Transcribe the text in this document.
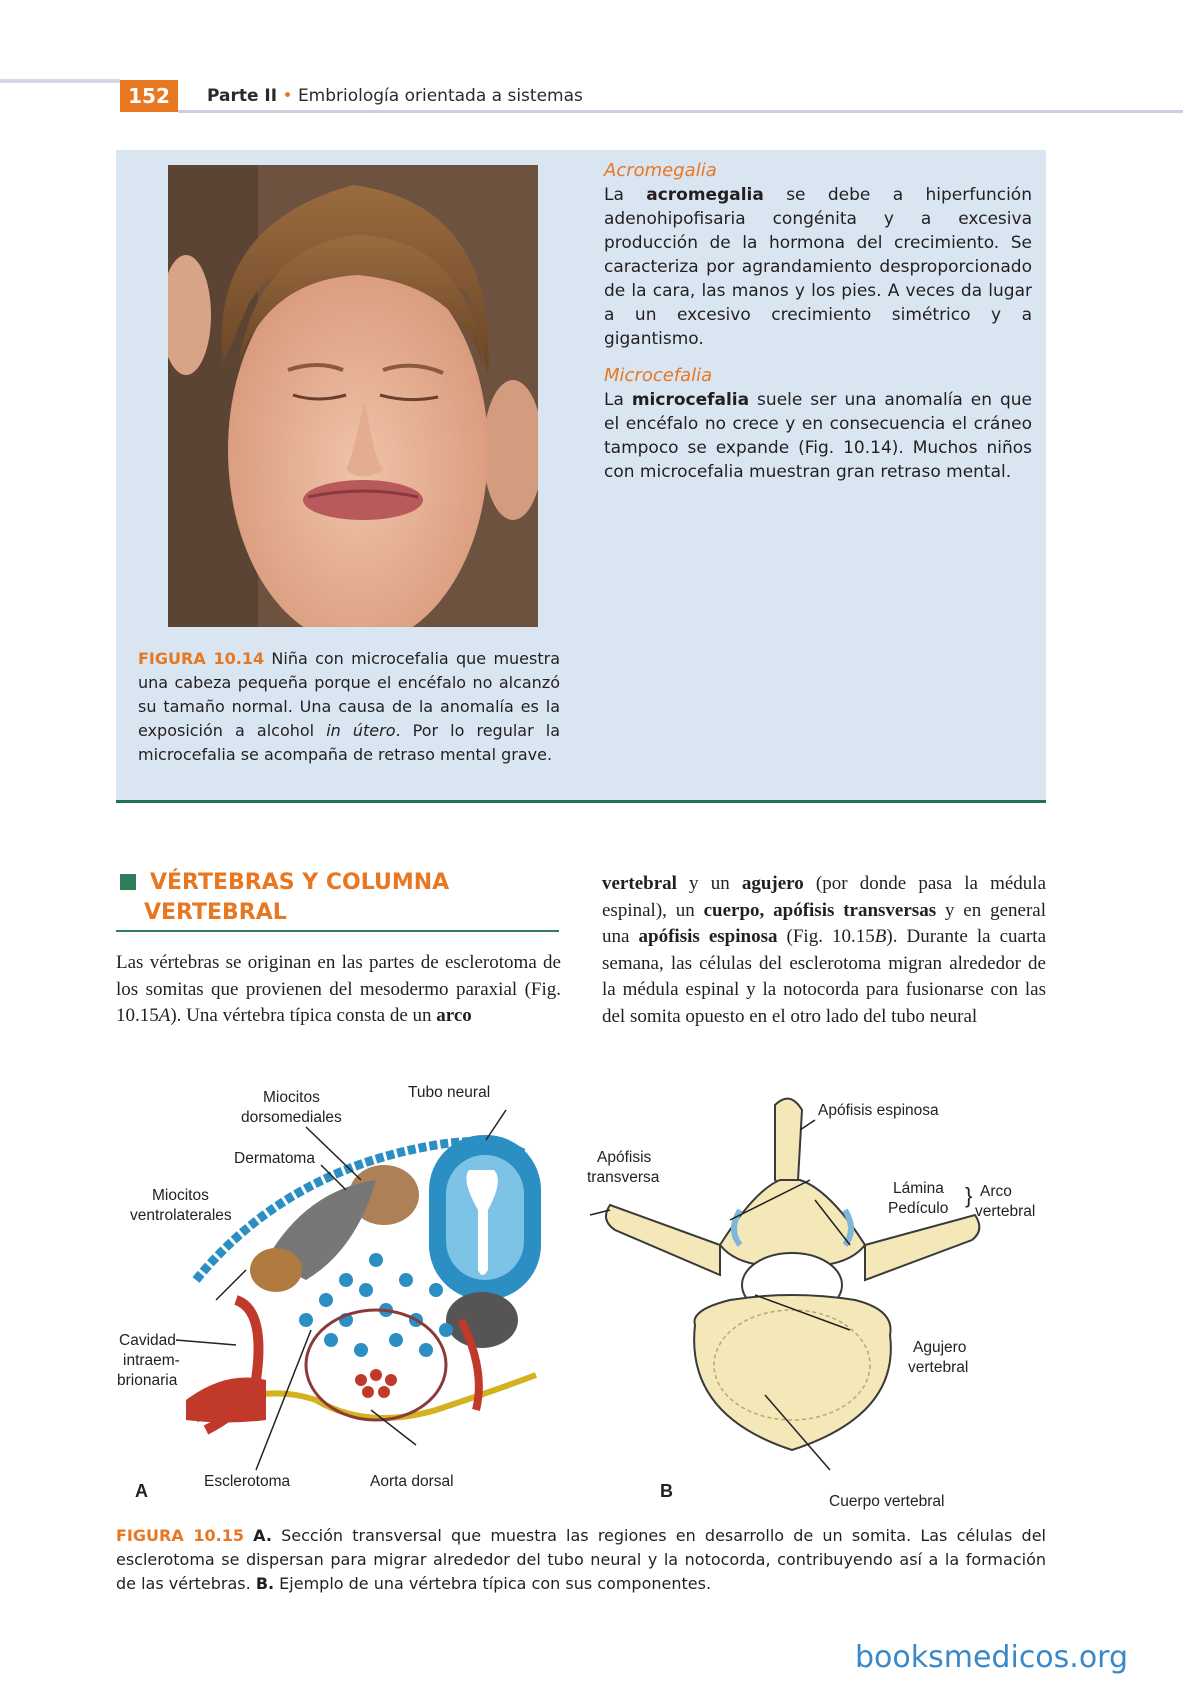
152	Parte II • Embriología orientada a sistemas
FIGURA 10.14 Niña con microcefalia que muestra una cabeza pequeña porque el encéfalo no alcanzó su tamaño normal. Una causa de la anomalía es la exposición a alcohol in útero. Por lo regular la microcefalia se acompaña de retraso mental grave.
Acromegalia

La acromegalia se debe a hiperfunción adenohipofisaria congénita y a excesiva producción de la hormona del crecimiento. Se caracteriza por agrandamiento desproporcionado de la cara, las manos y los pies. A veces da lugar a un excesivo crecimiento simétrico y a gigantismo.

Microcefalia

La microcefalia suele ser una anomalía en que el encéfalo no crece y en consecuencia el cráneo tampoco se expande (Fig. 10.14). Muchos niños con microcefalia muestran gran retraso mental.

VÉRTEBRAS Y COLUMNA
VERTEBRAL
Las vértebras se originan en las partes de esclerotoma de los somitas que provienen del mesodermo paraxial (Fig. 10.15A). Una vértebra típica consta de un arco
vertebral y un agujero (por donde pasa la médula espinal), un cuerpo, apófisis transversas y en general una apófisis espinosa (Fig. 10.15B). Durante la cuarta semana, las células del esclerotoma migran alrededor de la médula espinal y la notocorda para fusionarse con las del somita opuesto en el otro lado del tubo neural
Miocitos
dorsomediales
Tubo neural
Dermatoma
Miocitos
ventrolaterales
Cavidad
intraem-
brionaria
Esclerotoma	Aorta dorsal
A
Apófisis espinosa
Apófisis
transversa
Lámina
Pedículo
} Arco
vertebral
Agujero
vertebral
Cuerpo vertebral
B
FIGURA 10.15 A. Sección transversal que muestra las regiones en desarrollo de un somita. Las células del esclerotoma se dispersan para migrar alrededor del tubo neural y la notocorda, contribuyendo así a la formación de las vértebras. B. Ejemplo de una vértebra típica con sus componentes.
booksmedicos.org
